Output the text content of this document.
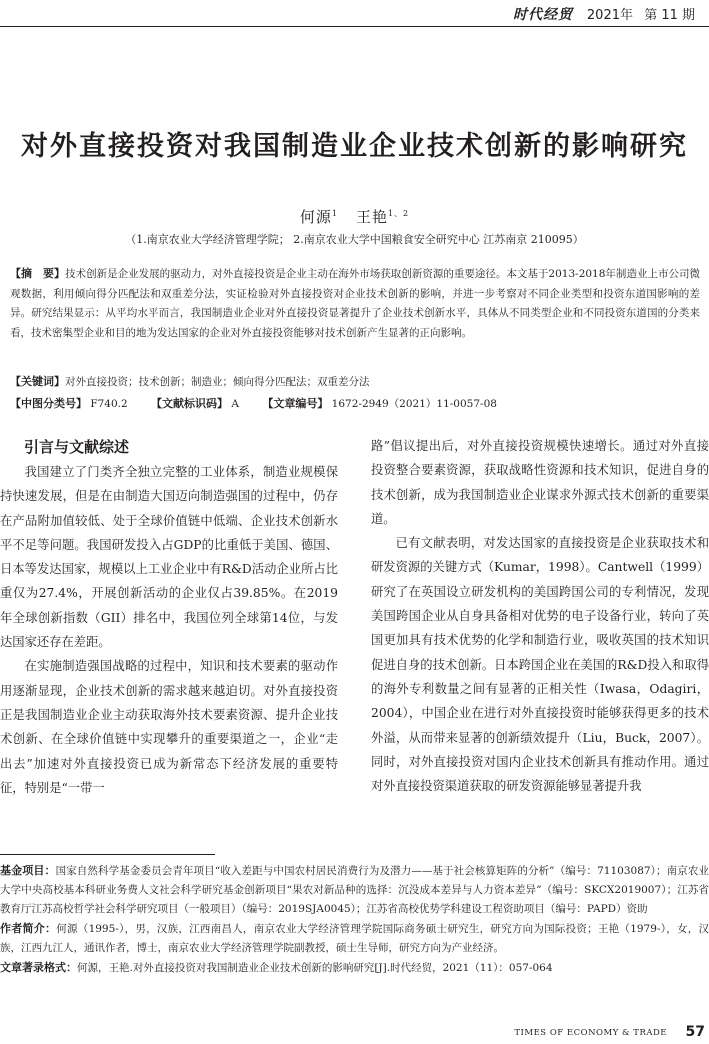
时代经贸 2021年 第 11 期
对外直接投资对我国制造业企业技术创新的影响研究
何源$^1$ 王艳$^{1、2}$
（1.南京农业大学经济管理学院； 2.南京农业大学中国粮食安全研究中心 江苏南京 210095）
【摘　要】技术创新是企业发展的驱动力，对外直接投资是企业主动在海外市场获取创新资源的重要途径。本文基于2013-2018年制造业上市公司微观数据，利用倾向得分匹配法和双重差分法，实证检验对外直接投资对企业技术创新的影响，并进一步考察对不同企业类型和投资东道国影响的差异。研究结果显示：从平均水平而言，我国制造业企业对外直接投资显著提升了企业技术创新水平，具体从不同类型企业和不同投资东道国的分类来看，技术密集型企业和目的地为发达国家的企业对外直接投资能够对技术创新产生显著的正向影响。
【关键词】对外直接投资；技术创新；制造业；倾向得分匹配法；双重差分法
【中图分类号】 F740.2 【文献标识码】 A 【文章编号】 1672-2949（2021）11-0057-08
引言与文献综述

我国建立了门类齐全独立完整的工业体系，制造业规模保持快速发展，但是在由制造大国迈向制造强国的过程中，仍存在产品附加值较低、处于全球价值链中低端、企业技术创新水平不足等问题。我国研发投入占GDP的比重低于美国、德国、日本等发达国家，规模以上工业企业中有R&D活动企业所占比重仅为27.4%，开展创新活动的企业仅占39.85%。在2019年全球创新指数（GII）排名中，我国位列全球第14位，与发达国家还存在差距。

在实施制造强国战略的过程中，知识和技术要素的驱动作用逐渐显现，企业技术创新的需求越来越迫切。对外直接投资正是我国制造业企业主动获取海外技术要素资源、提升企业技术创新、在全球价值链中实现攀升的重要渠道之一，企业“走出去”加速对外直接投资已成为新常态下经济发展的重要特征，特别是“一带一

路”倡议提出后，对外直接投资规模快速增长。通过对外直接投资整合要素资源，获取战略性资源和技术知识，促进自身的技术创新，成为我国制造业企业谋求外源式技术创新的重要渠道。

已有文献表明，对发达国家的直接投资是企业获取技术和研发资源的关键方式（Kumar，1998）。Cantwell（1999）研究了在英国设立研发机构的美国跨国公司的专利情况，发现美国跨国企业从自身具备相对优势的电子设备行业，转向了英国更加具有技术优势的化学和制造行业，吸收英国的技术知识促进自身的技术创新。日本跨国企业在美国的R&D投入和取得的海外专利数量之间有显著的正相关性（Iwasa，Odagiri，2004），中国企业在进行对外直接投资时能够获得更多的技术外溢，从而带来显著的创新绩效提升（Liu，Buck，2007）。同时，对外直接投资对国内企业技术创新具有推动作用。通过对外直接投资渠道获取的研发资源能够显著提升我

基金项目：国家自然科学基金委员会青年项目“收入差距与中国农村居民消费行为及潜力——基于社会核算矩阵的分析”（编号：71103087）；南京农业大学中央高校基本科研业务费人文社会科学研究基金创新项目“果农对新品种的选择：沉没成本差异与人力资本差异”（编号：SKCX2019007）；江苏省教育厅江苏高校哲学社会科学研究项目（一般项目）（编号：2019SJA0045）；江苏省高校优势学科建设工程资助项目（编号：PAPD）资助

作者简介：何源（1995-），男，汉族，江西南昌人，南京农业大学经济管理学院国际商务硕士研究生，研究方向为国际投资；王艳（1979-），女，汉族，江西九江人，通讯作者，博士，南京农业大学经济管理学院副教授，硕士生导师，研究方向为产业经济。

文章著录格式：何源，王艳.对外直接投资对我国制造业企业技术创新的影响研究[J].时代经贸，2021（11）：057-064

TIMES OF ECONOMY & TRADE 57
